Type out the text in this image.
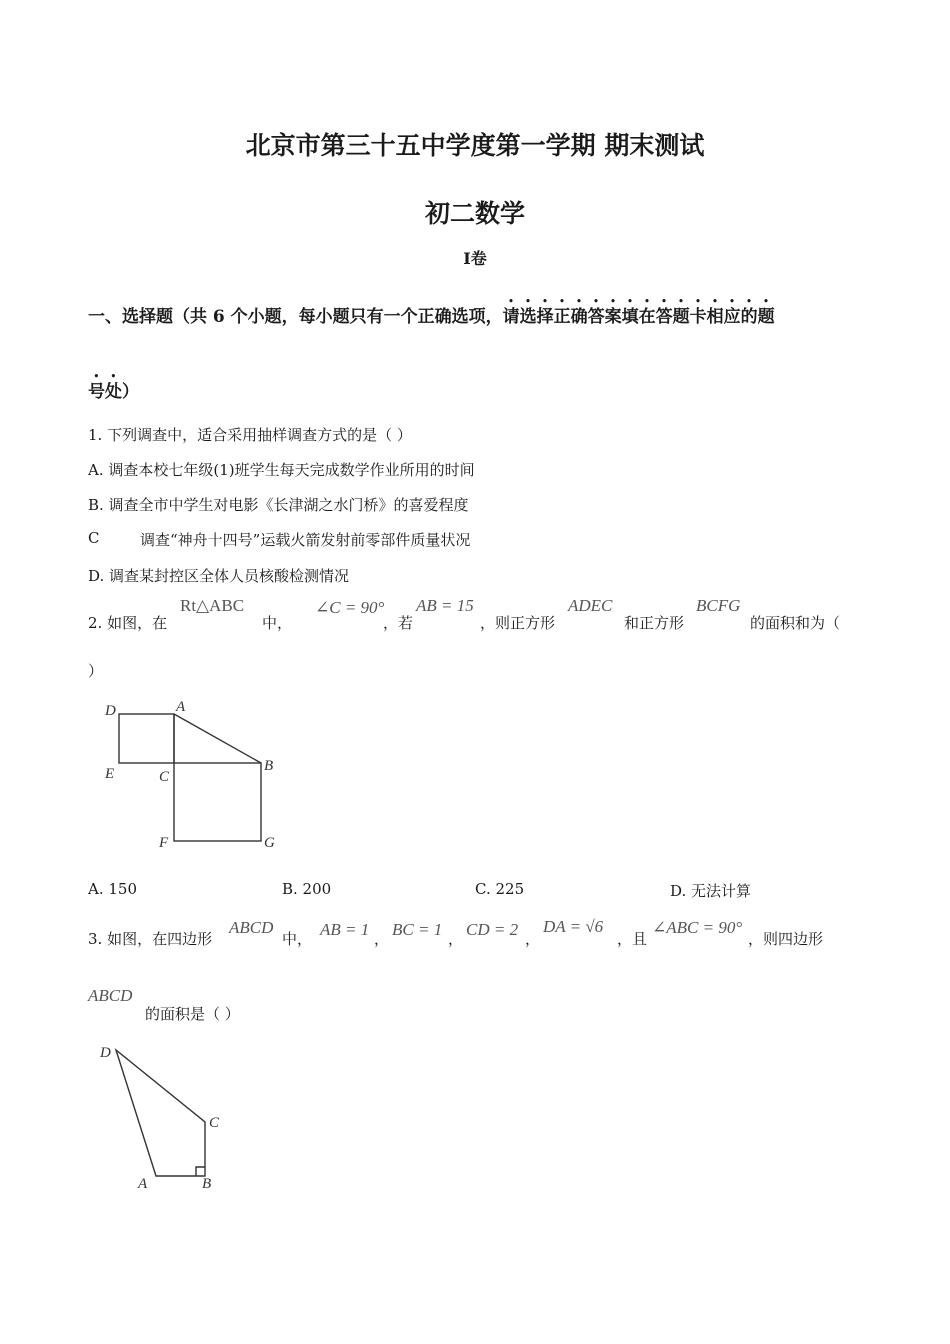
北京市第三十五中学度第一学期 期末测试
初二数学
I卷
一、选择题（共 6 个小题，每小题只有一个正确选项，请选择正确答案填在答题卡相应的题
号处）
1. 下列调查中，适合采用抽样调查方式的是（ ）
A. 调查本校七年级(1)班学生每天完成数学作业所用的时间
B. 调查全市中学生对电影《长津湖之水门桥》的喜爱程度
C	调查“神舟十四号”运载火箭发射前零部件质量状况
D. 调查某封控区全体人员核酸检测情况
2. 如图，在
Rt△ABC
中，
∠C = 90°
，若
AB = 15
，则正方形
ADEC
和正方形
BCFG
的面积和为（
）
D	A
E	C
B
F	G
A. 150	B. 200	C. 225	D. 无法计算
3. 如图，在四边形
ABCD
中， AB = 1 ， BC = 1 ， CD = 2 ，
DA = √6
，且
∠ABC = 90°
，则四边形
ABCD
的面积是（ ）
D
C
A	B
